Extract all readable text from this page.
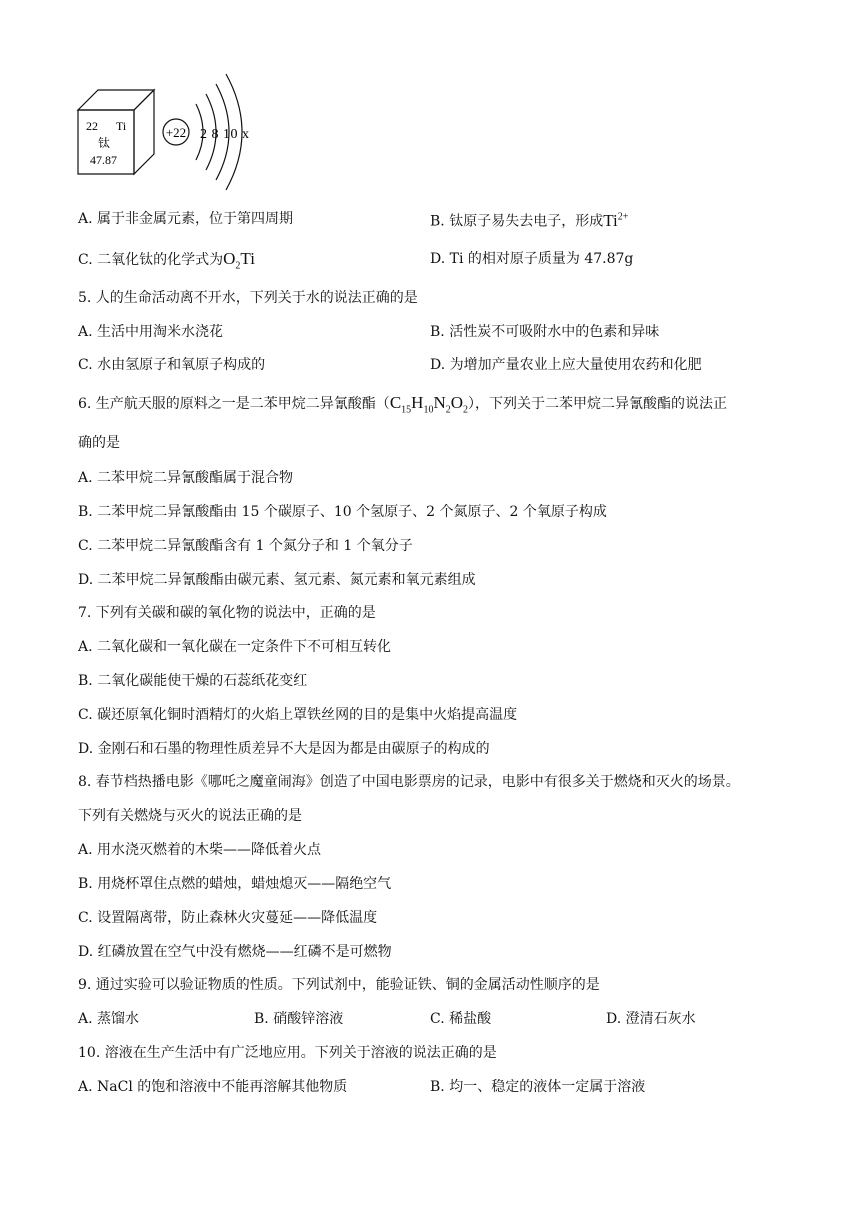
22 Ti
钛
47.87
+22 2 8 10 x
A. 属于非金属元素，位于第四周期	B. 钛原子易失去电子，形成$Ti^{2+}$
C. 二氧化钛的化学式为$O_2Ti$	D. Ti 的相对原子质量为 47.87g
5. 人的生命活动离不开水，下列关于水的说法正确的是
A. 生活中用淘米水浇花	B. 活性炭不可吸附水中的色素和异味
C. 水由氢原子和氧原子构成的	D. 为增加产量农业上应大量使用农药和化肥
6. 生产航天服的原料之一是二苯甲烷二异氰酸酯$(C_{15}H_{10}N_2O_2)$，下列关于二苯甲烷二异氰酸酯的说法正
确的是
A. 二苯甲烷二异氰酸酯属于混合物
B. 二苯甲烷二异氰酸酯由 15 个碳原子、10 个氢原子、2 个氮原子、2 个氧原子构成
C. 二苯甲烷二异氰酸酯含有 1 个氮分子和 1 个氧分子
D. 二苯甲烷二异氰酸酯由碳元素、氢元素、氮元素和氧元素组成
7. 下列有关碳和碳的氧化物的说法中，正确的是
A. 二氧化碳和一氧化碳在一定条件下不可相互转化
B. 二氧化碳能使干燥的石蕊纸花变红
C. 碳还原氧化铜时酒精灯的火焰上罩铁丝网的目的是集中火焰提高温度
D. 金刚石和石墨的物理性质差异不大是因为都是由碳原子的构成的
8. 春节档热播电影《哪吒之魔童闹海》创造了中国电影票房的记录，电影中有很多关于燃烧和灭火的场景。
下列有关燃烧与灭火的说法正确的是
A. 用水浇灭燃着的木柴——降低着火点
B. 用烧杯罩住点燃的蜡烛，蜡烛熄灭——隔绝空气
C. 设置隔离带，防止森林火灾蔓延——降低温度
D. 红磷放置在空气中没有燃烧——红磷不是可燃物
9. 通过实验可以验证物质的性质。下列试剂中，能验证铁、铜的金属活动性顺序的是
A. 蒸馏水	B. 硝酸锌溶液	C. 稀盐酸	D. 澄清石灰水
10. 溶液在生产生活中有广泛地应用。下列关于溶液的说法正确的是
A. NaCl 的饱和溶液中不能再溶解其他物质	B. 均一、稳定的液体一定属于溶液
